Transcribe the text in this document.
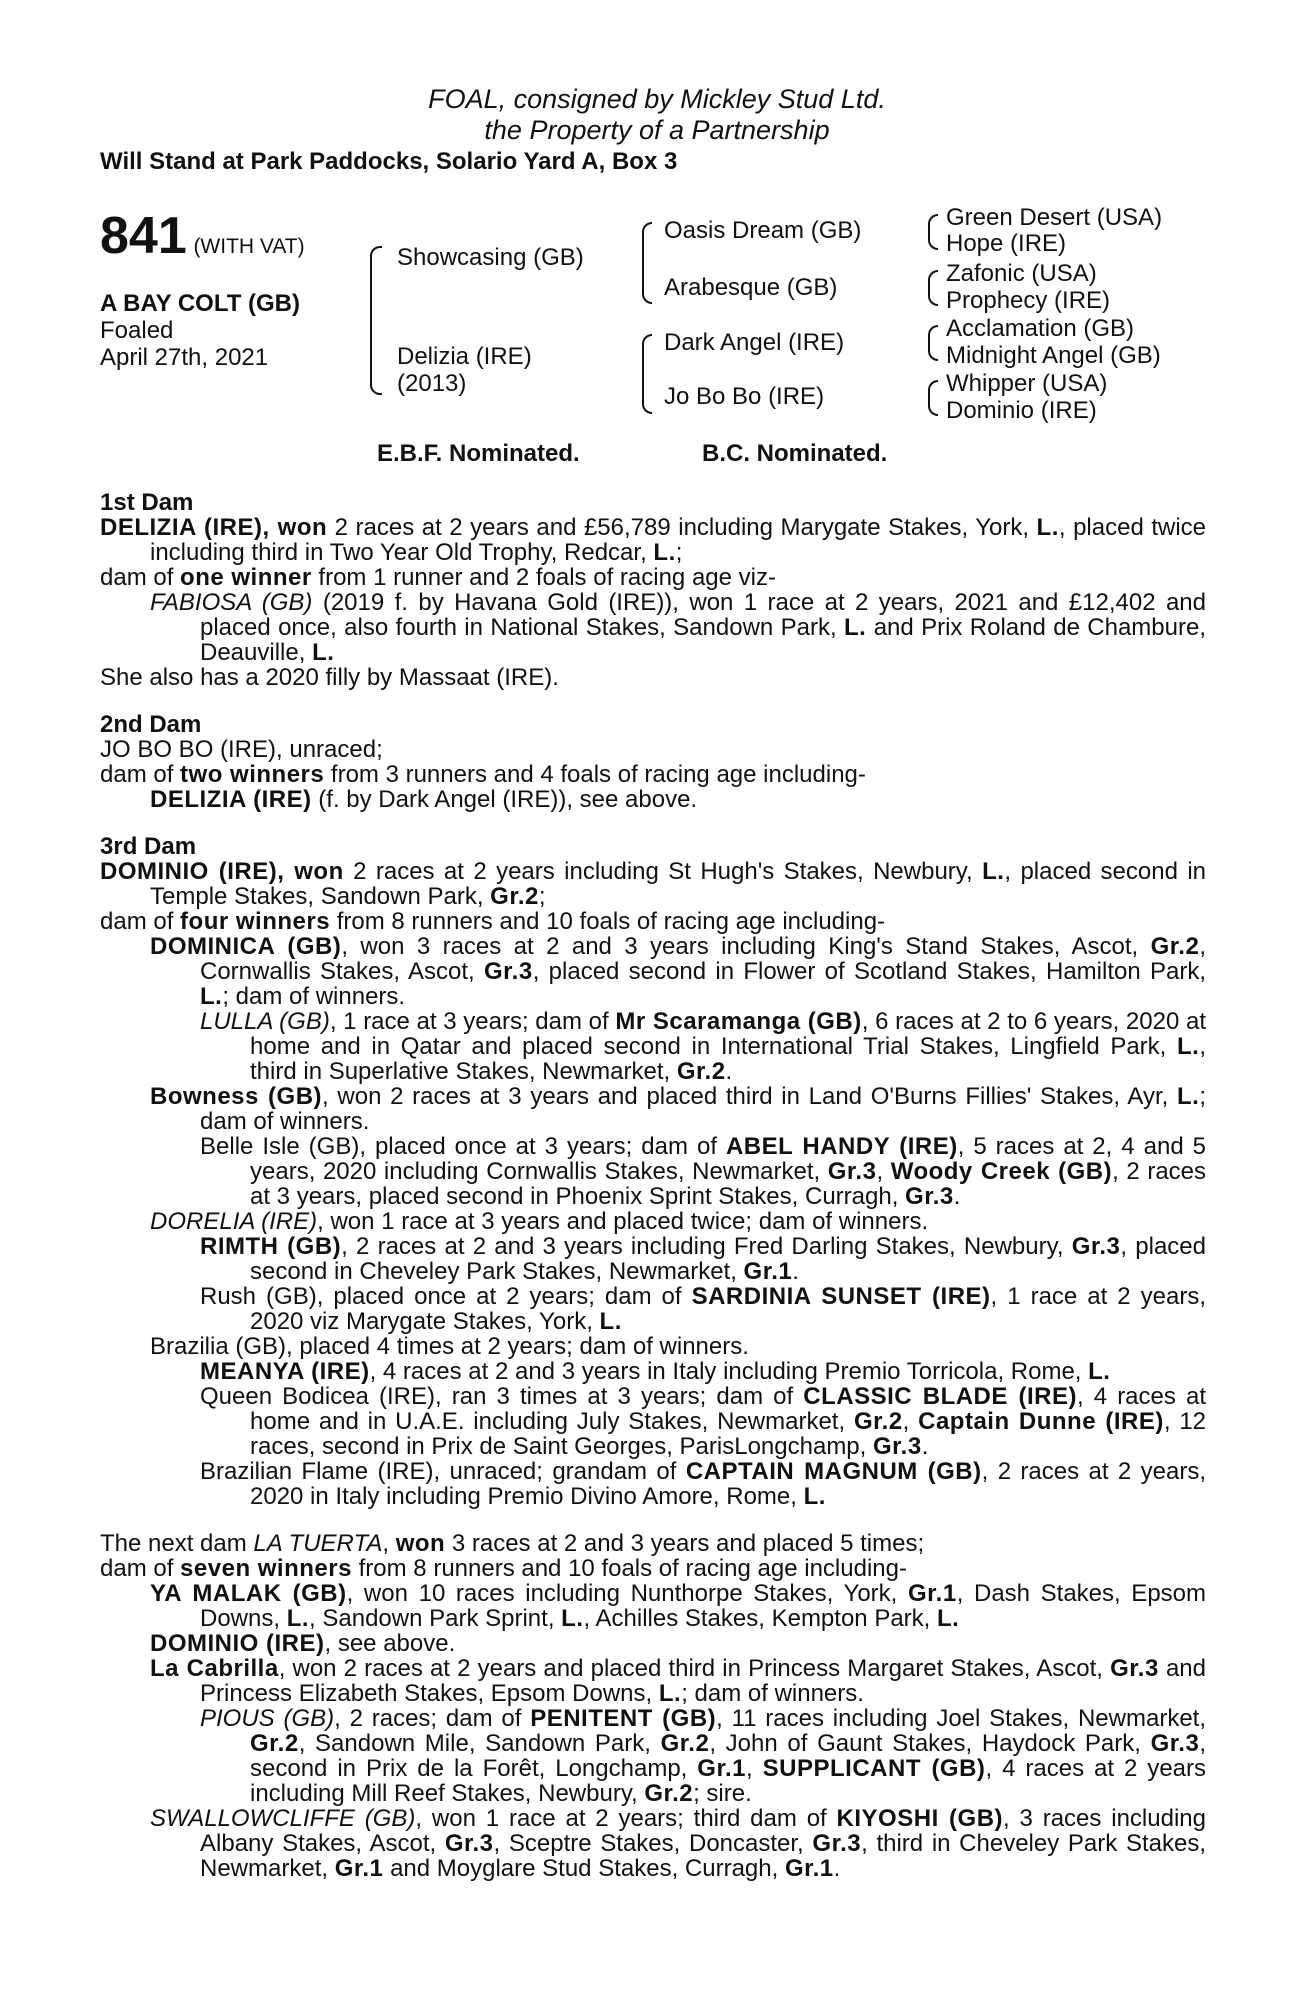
FOAL, consigned by Mickley Stud Ltd.
the Property of a Partnership
Will Stand at Park Paddocks, Solario Yard A, Box 3
841 (WITH VAT)
A BAY COLT (GB)
Foaled
April 27th, 2021
Showcasing (GB)
Delizia (IRE)
(2013)
Oasis Dream (GB)
Arabesque (GB)
Dark Angel (IRE)
Jo Bo Bo (IRE)
Green Desert (USA)
Hope (IRE)
Zafonic (USA)
Prophecy (IRE)
Acclamation (GB)
Midnight Angel (GB)
Whipper (USA)
Dominio (IRE)
E.B.F. Nominated.	B.C. Nominated.
1st Dam

DELIZIA (IRE), won 2 races at 2 years and £56,789 including Marygate Stakes, York, L., placed twice including third in Two Year Old Trophy, Redcar, L.;

dam of one winner from 1 runner and 2 foals of racing age viz-

FABIOSA (GB) (2019 f. by Havana Gold (IRE)), won 1 race at 2 years, 2021 and £12,402 and placed once, also fourth in National Stakes, Sandown Park, L. and Prix Roland de Chambure, Deauville, L.

She also has a 2020 filly by Massaat (IRE).

2nd Dam

JO BO BO (IRE), unraced;

dam of two winners from 3 runners and 4 foals of racing age including-

DELIZIA (IRE) (f. by Dark Angel (IRE)), see above.

3rd Dam

DOMINIO (IRE), won 2 races at 2 years including St Hugh's Stakes, Newbury, L., placed second in Temple Stakes, Sandown Park, Gr.2;

dam of four winners from 8 runners and 10 foals of racing age including-

DOMINICA (GB), won 3 races at 2 and 3 years including King's Stand Stakes, Ascot, Gr.2, Cornwallis Stakes, Ascot, Gr.3, placed second in Flower of Scotland Stakes, Hamilton Park, L.; dam of winners.

LULLA (GB), 1 race at 3 years; dam of Mr Scaramanga (GB), 6 races at 2 to 6 years, 2020 at home and in Qatar and placed second in International Trial Stakes, Lingfield Park, L., third in Superlative Stakes, Newmarket, Gr.2.

Bowness (GB), won 2 races at 3 years and placed third in Land O'Burns Fillies' Stakes, Ayr, L.; dam of winners.

Belle Isle (GB), placed once at 3 years; dam of ABEL HANDY (IRE), 5 races at 2, 4 and 5 years, 2020 including Cornwallis Stakes, Newmarket, Gr.3, Woody Creek (GB), 2 races at 3 years, placed second in Phoenix Sprint Stakes, Curragh, Gr.3.

DORELIA (IRE), won 1 race at 3 years and placed twice; dam of winners.

RIMTH (GB), 2 races at 2 and 3 years including Fred Darling Stakes, Newbury, Gr.3, placed second in Cheveley Park Stakes, Newmarket, Gr.1.

Rush (GB), placed once at 2 years; dam of SARDINIA SUNSET (IRE), 1 race at 2 years, 2020 viz Marygate Stakes, York, L.

Brazilia (GB), placed 4 times at 2 years; dam of winners.

MEANYA (IRE), 4 races at 2 and 3 years in Italy including Premio Torricola, Rome, L.

Queen Bodicea (IRE), ran 3 times at 3 years; dam of CLASSIC BLADE (IRE), 4 races at home and in U.A.E. including July Stakes, Newmarket, Gr.2, Captain Dunne (IRE), 12 races, second in Prix de Saint Georges, ParisLongchamp, Gr.3.

Brazilian Flame (IRE), unraced; grandam of CAPTAIN MAGNUM (GB), 2 races at 2 years, 2020 in Italy including Premio Divino Amore, Rome, L.

The next dam LA TUERTA, won 3 races at 2 and 3 years and placed 5 times;

dam of seven winners from 8 runners and 10 foals of racing age including-

YA MALAK (GB), won 10 races including Nunthorpe Stakes, York, Gr.1, Dash Stakes, Epsom Downs, L., Sandown Park Sprint, L., Achilles Stakes, Kempton Park, L.

DOMINIO (IRE), see above.

La Cabrilla, won 2 races at 2 years and placed third in Princess Margaret Stakes, Ascot, Gr.3 and Princess Elizabeth Stakes, Epsom Downs, L.; dam of winners.

PIOUS (GB), 2 races; dam of PENITENT (GB), 11 races including Joel Stakes, Newmarket, Gr.2, Sandown Mile, Sandown Park, Gr.2, John of Gaunt Stakes, Haydock Park, Gr.3, second in Prix de la Forêt, Longchamp, Gr.1, SUPPLICANT (GB), 4 races at 2 years including Mill Reef Stakes, Newbury, Gr.2; sire.

SWALLOWCLIFFE (GB), won 1 race at 2 years; third dam of KIYOSHI (GB), 3 races including Albany Stakes, Ascot, Gr.3, Sceptre Stakes, Doncaster, Gr.3, third in Cheveley Park Stakes, Newmarket, Gr.1 and Moyglare Stud Stakes, Curragh, Gr.1.
